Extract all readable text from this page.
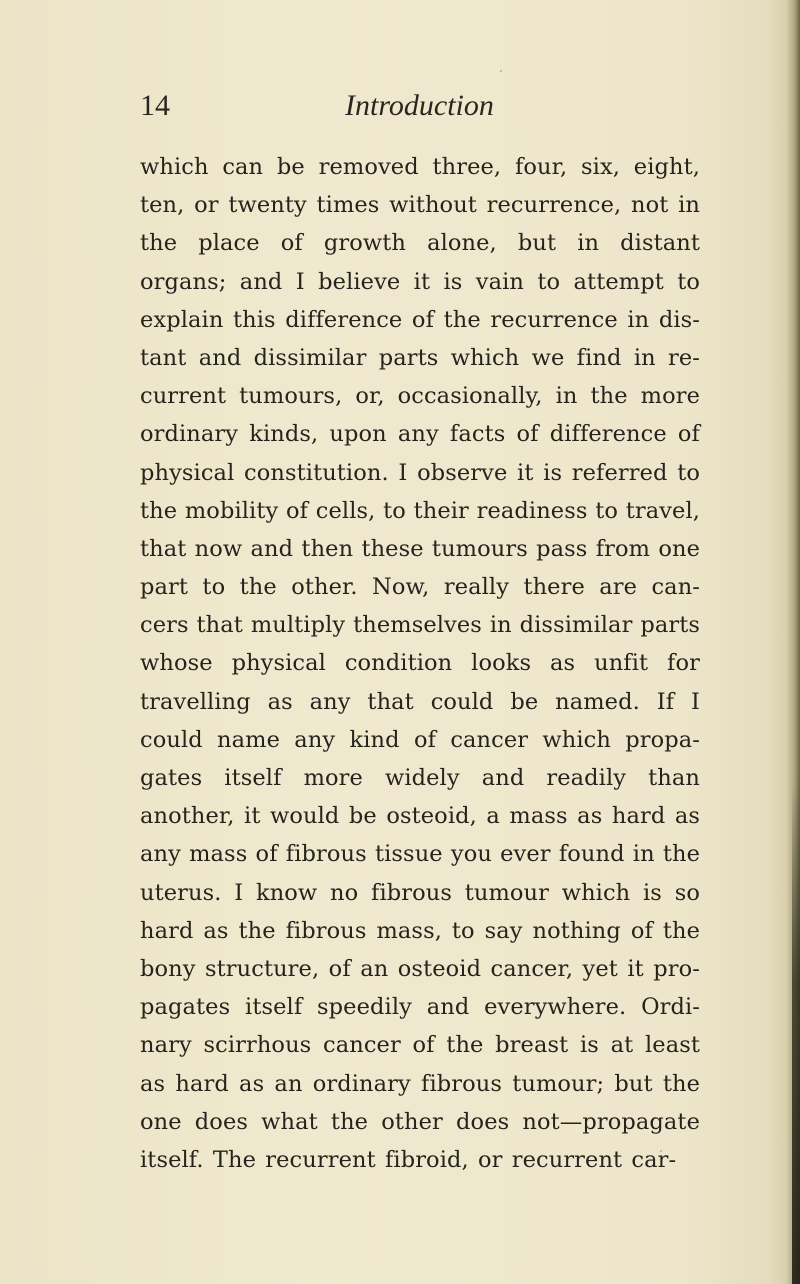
14	Introduction
which can be removed three, four, six, eight,
ten, or twenty times without recurrence, not in
the place of growth alone, but in distant
organs; and I believe it is vain to attempt to
explain this difference of the recurrence in dis-
tant and dissimilar parts which we find in re-
current tumours, or, occasionally, in the more
ordinary kinds, upon any facts of difference of
physical constitution. I observe it is referred to
the mobility of cells, to their readiness to travel,
that now and then these tumours pass from one
part to the other. Now, really there are can-
cers that multiply themselves in dissimilar parts
whose physical condition looks as unfit for
travelling as any that could be named. If I
could name any kind of cancer which propa-
gates itself more widely and readily than
another, it would be osteoid, a mass as hard as
any mass of fibrous tissue you ever found in the
uterus. I know no fibrous tumour which is so
hard as the fibrous mass, to say nothing of the
bony structure, of an osteoid cancer, yet it pro-
pagates itself speedily and everywhere. Ordi-
nary scirrhous cancer of the breast is at least
as hard as an ordinary fibrous tumour; but the
one does what the other does not—propagate
itself. The recurrent fibroid, or recurrent car-
